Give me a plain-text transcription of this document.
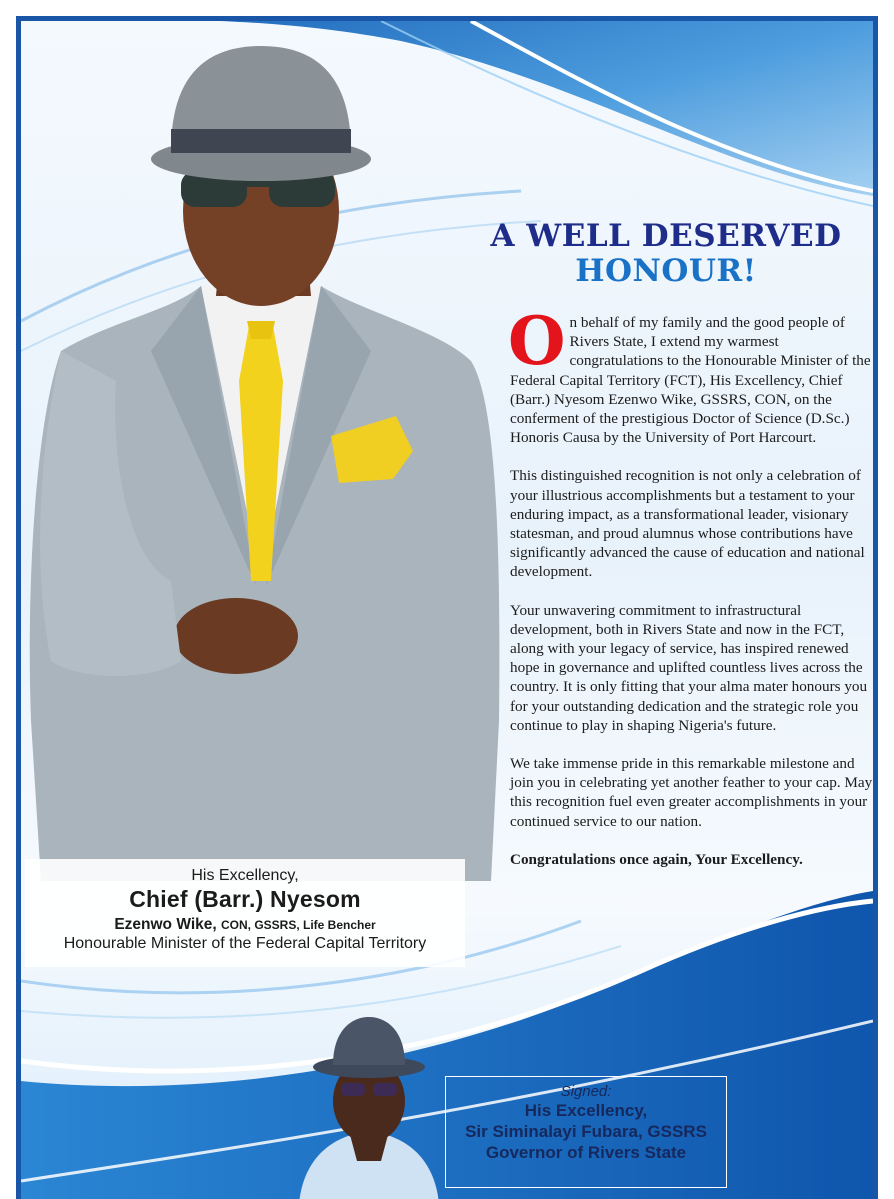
A WELL DESERVED
HONOUR!

On behalf of my family and the good people of Rivers State, I extend my warmest congratulations to the Honourable Minister of the Federal Capital Territory (FCT), His Excellency, Chief (Barr.) Nyesom Ezenwo Wike, GSSRS, CON, on the conferment of the prestigious Doctor of Science (D.Sc.) Honoris Causa by the University of Port Harcourt.

This distinguished recognition is not only a celebration of your illustrious accomplishments but a testament to your enduring impact, as a transformational leader, visionary statesman, and proud alumnus whose contributions have significantly advanced the cause of education and national development.

Your unwavering commitment to infrastructural development, both in Rivers State and now in the FCT, along with your legacy of service, has inspired renewed hope in governance and uplifted countless lives across the country. It is only fitting that your alma mater honours you for your outstanding dedication and the strategic role you continue to play in shaping Nigeria's future.

We take immense pride in this remarkable milestone and join you in celebrating yet another feather to your cap. May this recognition fuel even greater accomplishments in your continued service to our nation.

Congratulations once again, Your Excellency.

His Excellency,
Chief (Barr.) Nyesom
Ezenwo Wike, CON, GSSRS, Life Bencher
Honourable Minister of the Federal Capital Territory
Signed:
His Excellency,
Sir Siminalayi Fubara, GSSRS
Governor of Rivers State
